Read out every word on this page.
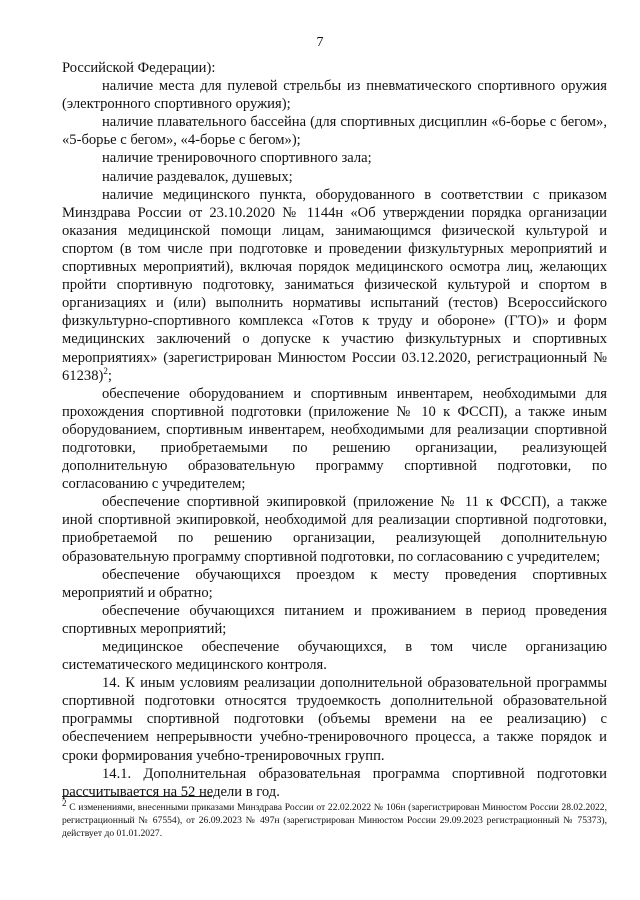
7

Российской Федерации):

наличие места для пулевой стрельбы из пневматического спортивного оружия (электронного спортивного оружия);

наличие плавательного бассейна (для спортивных дисциплин «6-борье с бегом», «5-борье с бегом», «4-борье с бегом»);

наличие тренировочного спортивного зала;

наличие раздевалок, душевых;

наличие медицинского пункта, оборудованного в соответствии с приказом Минздрава России от 23.10.2020 № 1144н «Об утверждении порядка организации оказания медицинской помощи лицам, занимающимся физической культурой и спортом (в том числе при подготовке и проведении физкультурных мероприятий и спортивных мероприятий), включая порядок медицинского осмотра лиц, желающих пройти спортивную подготовку, заниматься физической культурой и спортом в организациях и (или) выполнить нормативы испытаний (тестов) Всероссийского физкультурно-спортивного комплекса «Готов к труду и обороне» (ГТО)» и форм медицинских заключений о допуске к участию физкультурных и спортивных мероприятиях» (зарегистрирован Минюстом России 03.12.2020, регистрационный № 61238)$^2$;

обеспечение оборудованием и спортивным инвентарем, необходимыми для прохождения спортивной подготовки (приложение № 10 к ФССП), а также иным оборудованием, спортивным инвентарем, необходимыми для реализации спортивной подготовки, приобретаемыми по решению организации, реализующей дополнительную образовательную программу спортивной подготовки, по согласованию с учредителем;

обеспечение спортивной экипировкой (приложение № 11 к ФССП), а также иной спортивной экипировкой, необходимой для реализации спортивной подготовки, приобретаемой по решению организации, реализующей дополнительную образовательную программу спортивной подготовки, по согласованию с учредителем;

обеспечение обучающихся проездом к месту проведения спортивных мероприятий и обратно;

обеспечение обучающихся питанием и проживанием в период проведения спортивных мероприятий;

медицинское обеспечение обучающихся, в том числе организацию систематического медицинского контроля.

14. К иным условиям реализации дополнительной образовательной программы спортивной подготовки относятся трудоемкость дополнительной образовательной программы спортивной подготовки (объемы времени на ее реализацию) с обеспечением непрерывности учебно-тренировочного процесса, а также порядок и сроки формирования учебно-тренировочных групп.

14.1. Дополнительная образовательная программа спортивной подготовки рассчитывается на 52 недели в год.

$^2$ С изменениями, внесенными приказами Минздрава России от 22.02.2022 № 106н (зарегистрирован Минюстом России 28.02.2022, регистрационный № 67554), от 26.09.2023 № 497н (зарегистрирован Минюстом России 29.09.2023 регистрационный № 75373), действует до 01.01.2027.
